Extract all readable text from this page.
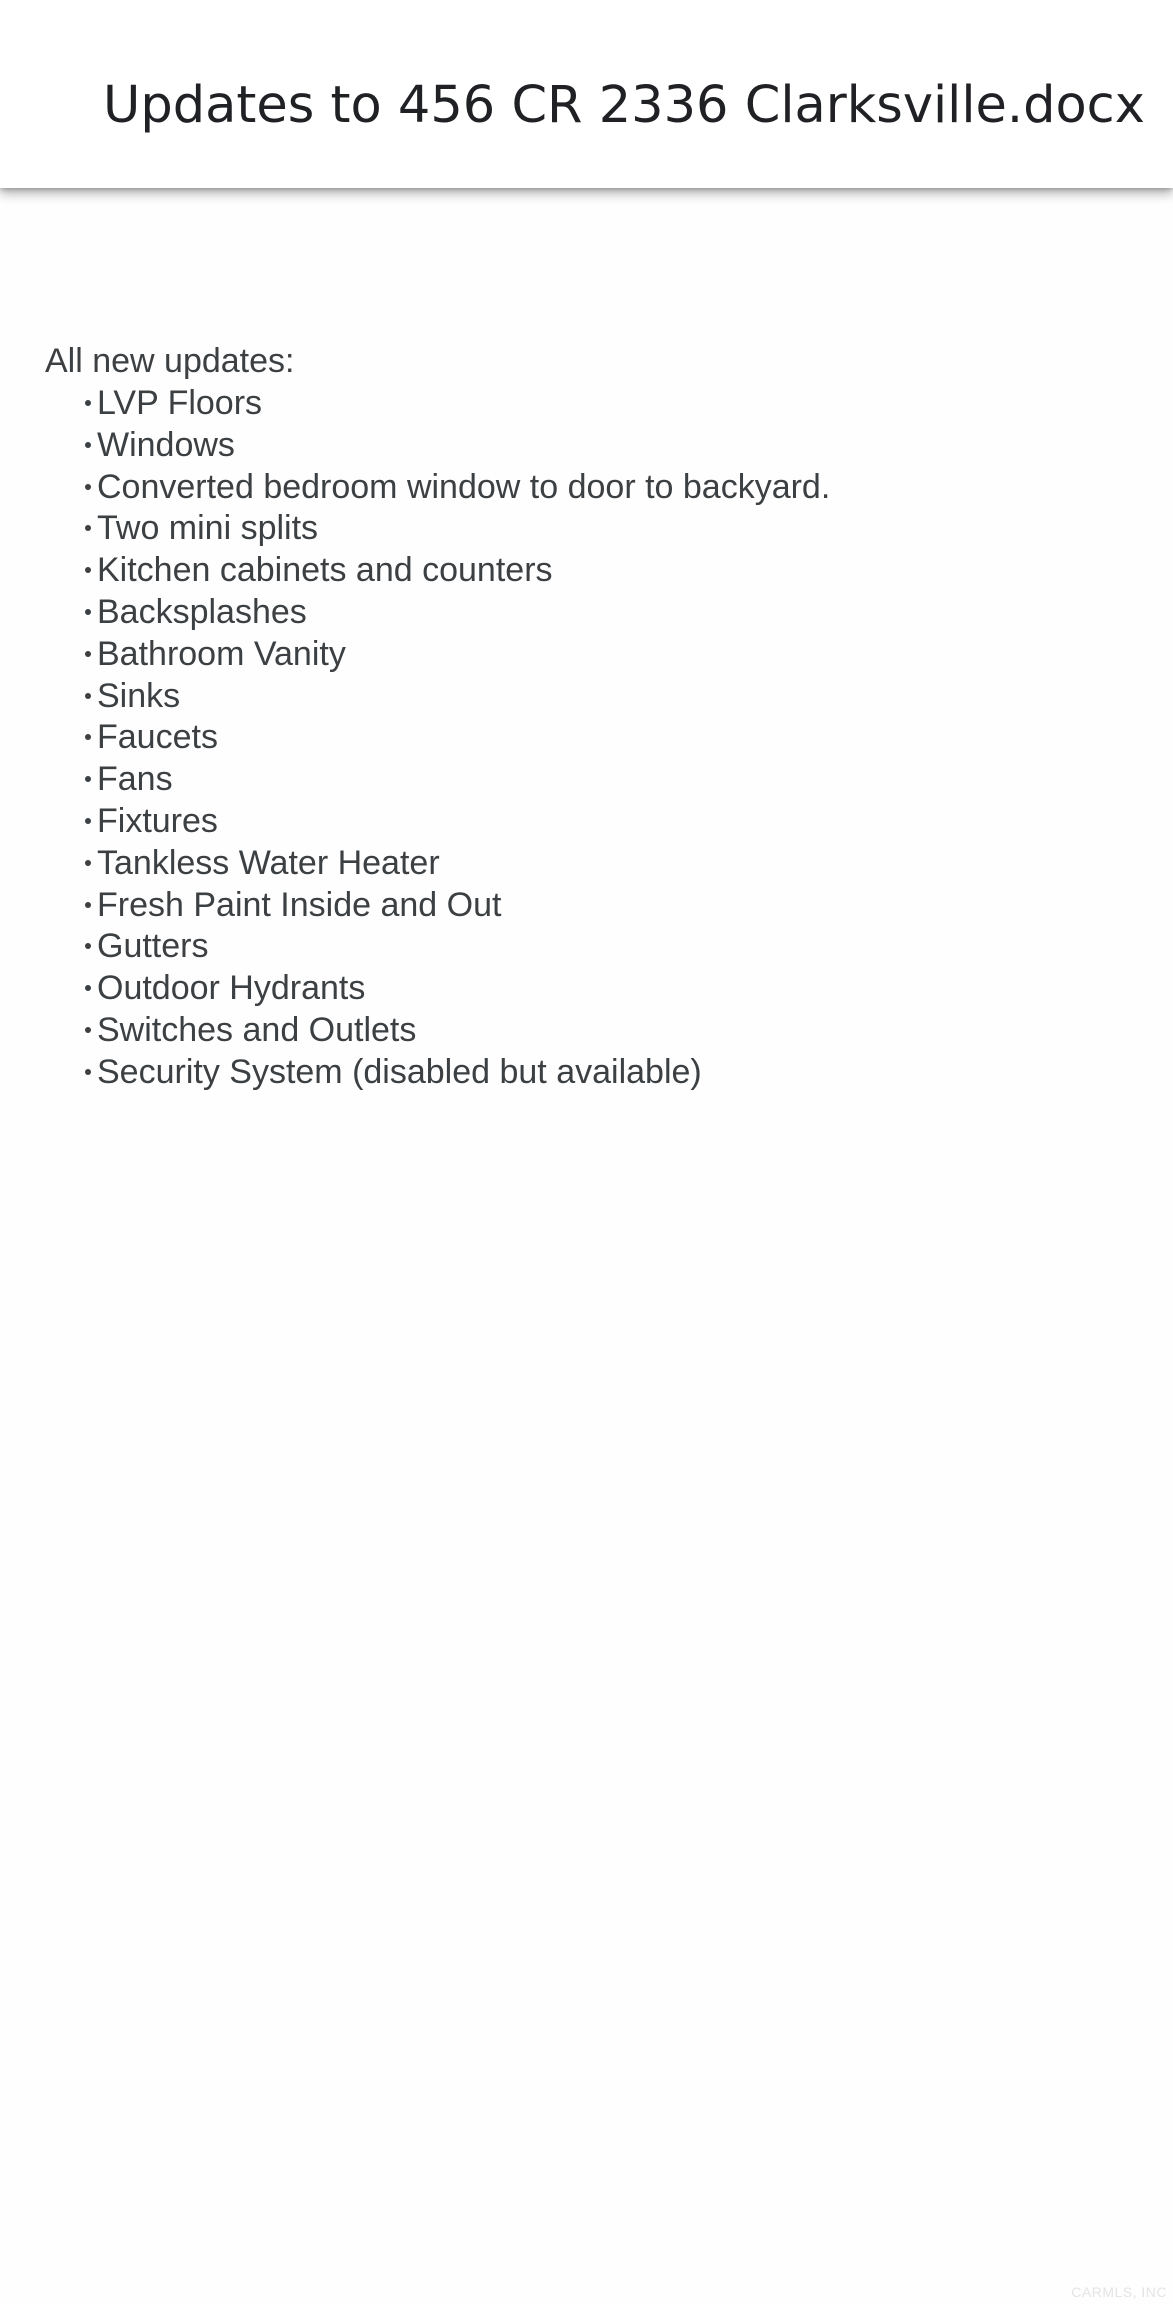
Updates to 456 CR 2336 Clarksville.docx

All new updates:

LVP Floors
Windows
Converted bedroom window to door to backyard.
Two mini splits
Kitchen cabinets and counters
Backsplashes
Bathroom Vanity
Sinks
Faucets
Fans
Fixtures
Tankless Water Heater
Fresh Paint Inside and Out
Gutters
Outdoor Hydrants
Switches and Outlets
Security System (disabled but available)
CARMLS, INC
